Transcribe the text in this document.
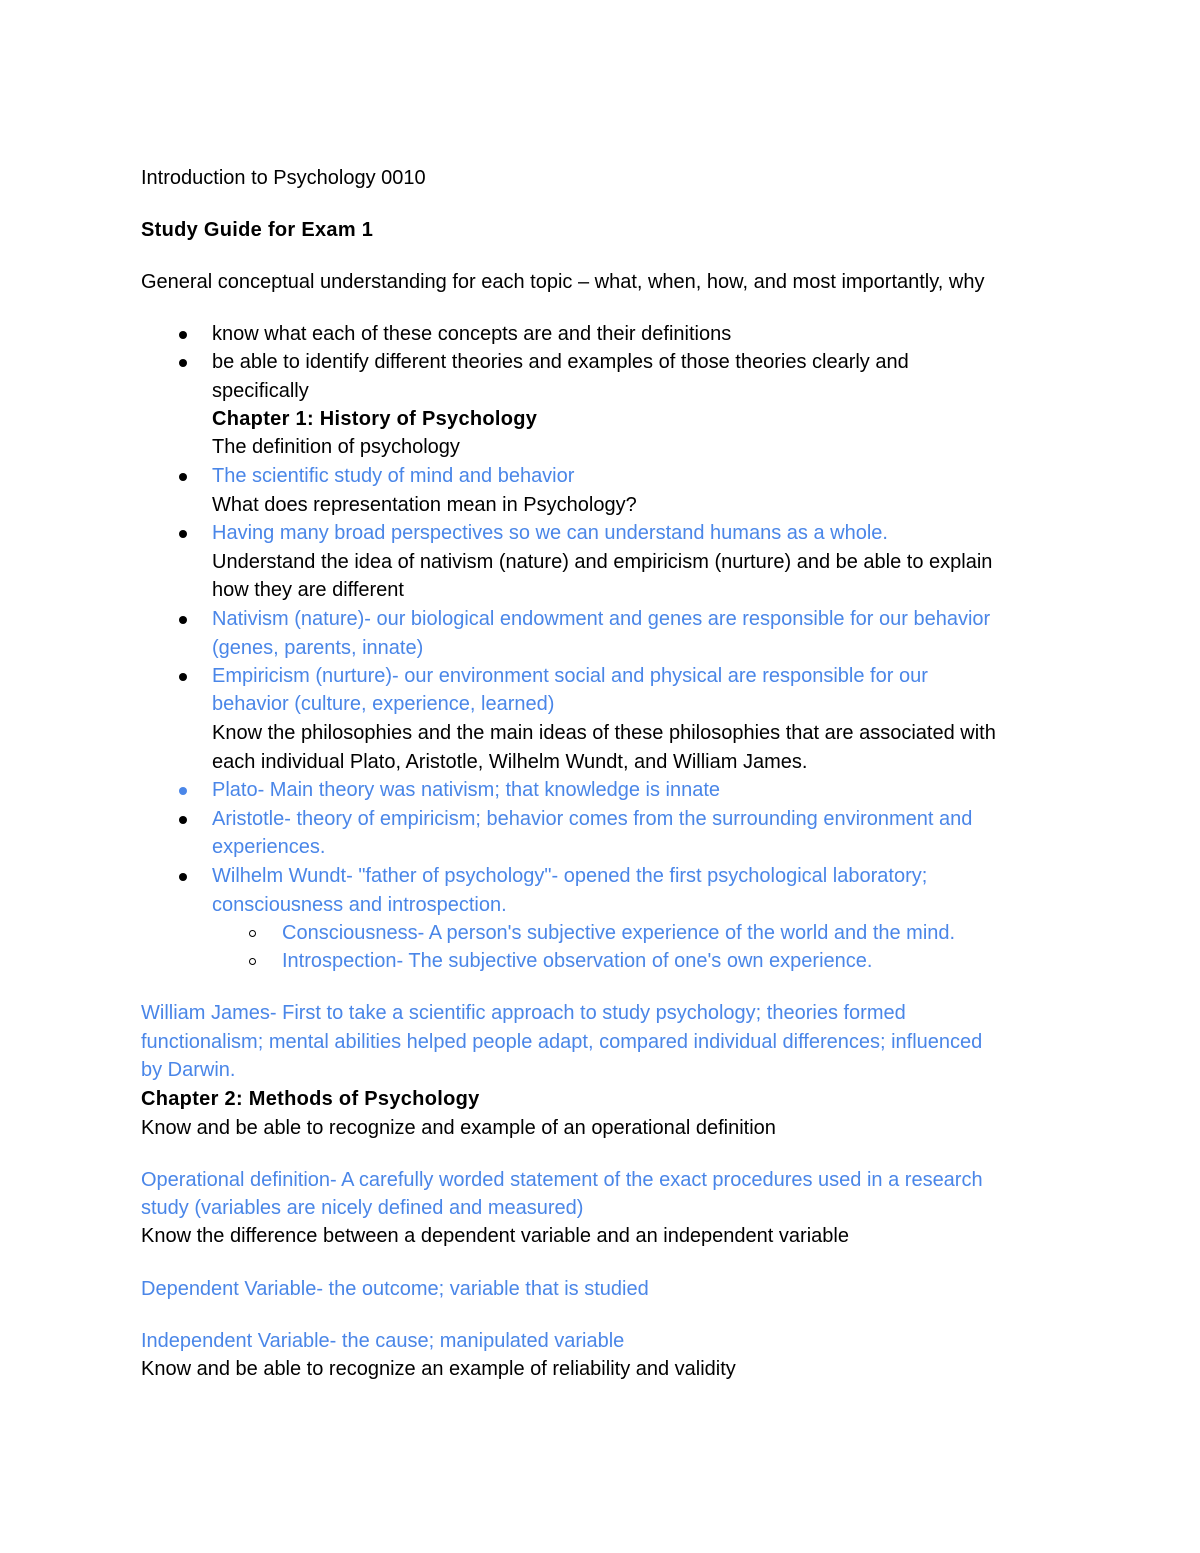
Introduction to Psychology 0010
Study Guide for Exam 1
General conceptual understanding for each topic – what, when, how, and most importantly, why
know what each of these concepts are and their definitions
be able to identify different theories and examples of those theories clearly and
specifically
Chapter 1: History of Psychology
The definition of psychology
The scientific study of mind and behavior
What does representation mean in Psychology?
Having many broad perspectives so we can understand humans as a whole.
Understand the idea of nativism (nature) and empiricism (nurture) and be able to explain
how they are different
Nativism (nature)- our biological endowment and genes are responsible for our behavior
(genes, parents, innate)
Empiricism (nurture)- our environment social and physical are responsible for our
behavior (culture, experience, learned)
Know the philosophies and the main ideas of these philosophies that are associated with
each individual Plato, Aristotle, Wilhelm Wundt, and William James.
Plato- Main theory was nativism; that knowledge is innate
Aristotle- theory of empiricism; behavior comes from the surrounding environment and
experiences.
Wilhelm Wundt- "father of psychology"- opened the first psychological laboratory;
consciousness and introspection.
Consciousness- A person's subjective experience of the world and the mind.
Introspection- The subjective observation of one's own experience.
William James- First to take a scientific approach to study psychology; theories formed
functionalism; mental abilities helped people adapt, compared individual differences; influenced
by Darwin.
Chapter 2: Methods of Psychology
Know and be able to recognize and example of an operational definition
Operational definition- A carefully worded statement of the exact procedures used in a research
study (variables are nicely defined and measured)
Know the difference between a dependent variable and an independent variable
Dependent Variable- the outcome; variable that is studied
Independent Variable- the cause; manipulated variable
Know and be able to recognize an example of reliability and validity
